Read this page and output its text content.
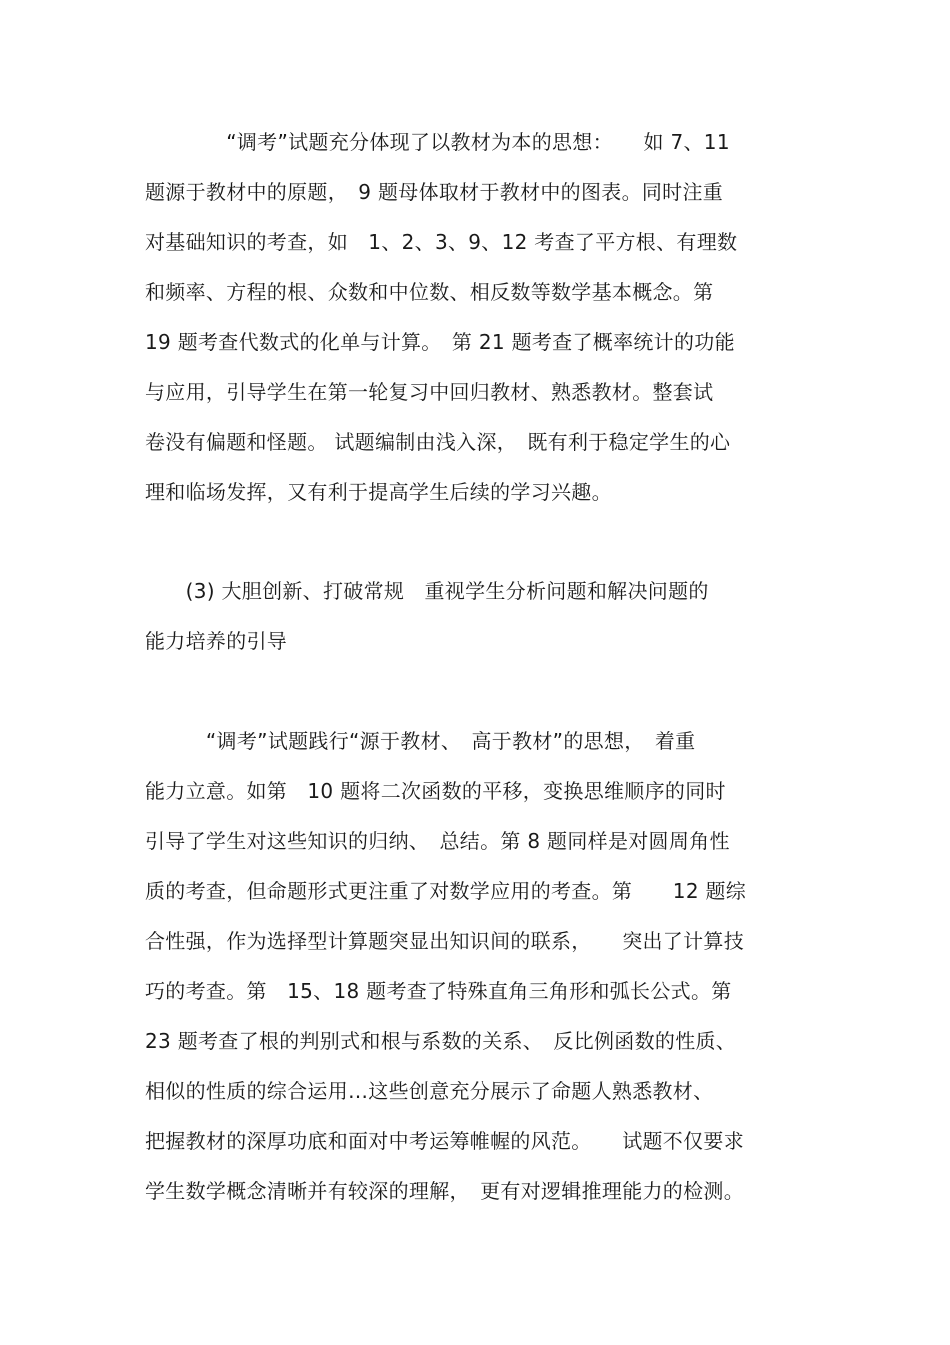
　　　　“调考”试题充分体现了以教材为本的思想：　　如 7、11
题源于教材中的原题，　9 题母体取材于教材中的图表。同时注重
对基础知识的考查，如　1、2、3、9、12 考查了平方根、有理数
和频率、方程的根、众数和中位数、相反数等数学基本概念。第
19 题考查代数式的化单与计算。　第 21 题考查了概率统计的功能
与应用，引导学生在第一轮复习中回归教材、熟悉教材。整套试
卷没有偏题和怪题。 试题编制由浅入深，　既有利于稳定学生的心
理和临场发挥，又有利于提高学生后续的学习兴趣。
　　(3) 大胆创新、打破常规　重视学生分析问题和解决问题的
能力培养的引导
　　　“调考”试题践行“源于教材、　高于教材”的思想，　着重
能力立意。如第　10 题将二次函数的平移，变换思维顺序的同时
引导了学生对这些知识的归纳、　总结。第 8 题同样是对圆周角性
质的考查，但命题形式更注重了对数学应用的考查。第　　12 题综
合性强，作为选择型计算题突显出知识间的联系，　　突出了计算技
巧的考查。第　15、18 题考查了特殊直角三角形和弧长公式。第
23 题考查了根的判别式和根与系数的关系、　反比例函数的性质、
相似的性质的综合运用…这些创意充分展示了命题人熟悉教材、
把握教材的深厚功底和面对中考运筹帷幄的风范。　　试题不仅要求
学生数学概念清晰并有较深的理解，　更有对逻辑推理能力的检测。
